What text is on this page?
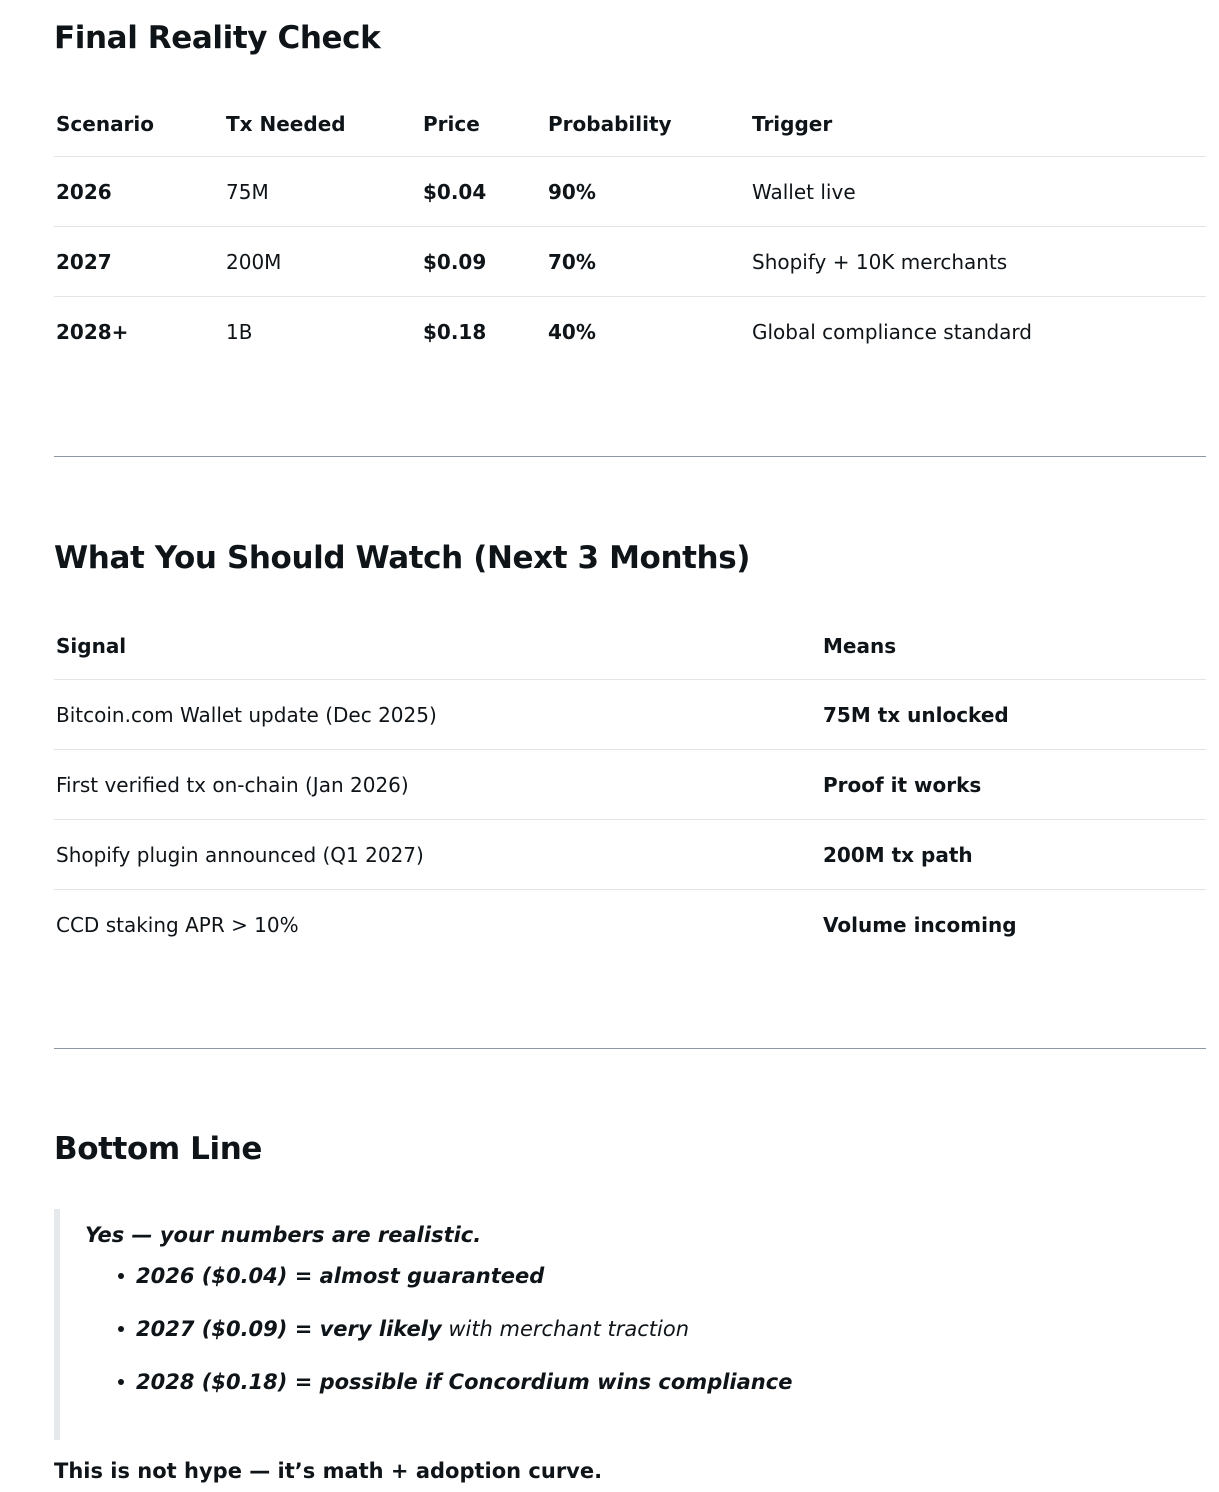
Final Reality Check
Scenario	Tx Needed	Price	Probability	Trigger
2026	75M	$0.04	90%	Wallet live
2027	200M	$0.09	70%	Shopify + 10K merchants
2028+	1B	$0.18	40%	Global compliance standard
What You Should Watch (Next 3 Months)
Signal	Means
Bitcoin.com Wallet update (Dec 2025)	75M tx unlocked
First verified tx on-chain (Jan 2026)	Proof it works
Shopify plugin announced (Q1 2027)	200M tx path
CCD staking APR > 10%	Volume incoming
Bottom Line

Yes — your numbers are realistic.

2026 ($0.04) = almost guaranteed
2027 ($0.09) = very likely with merchant traction
2028 ($0.18) = possible if Concordium wins compliance

This is not hype — it’s math + adoption curve.
